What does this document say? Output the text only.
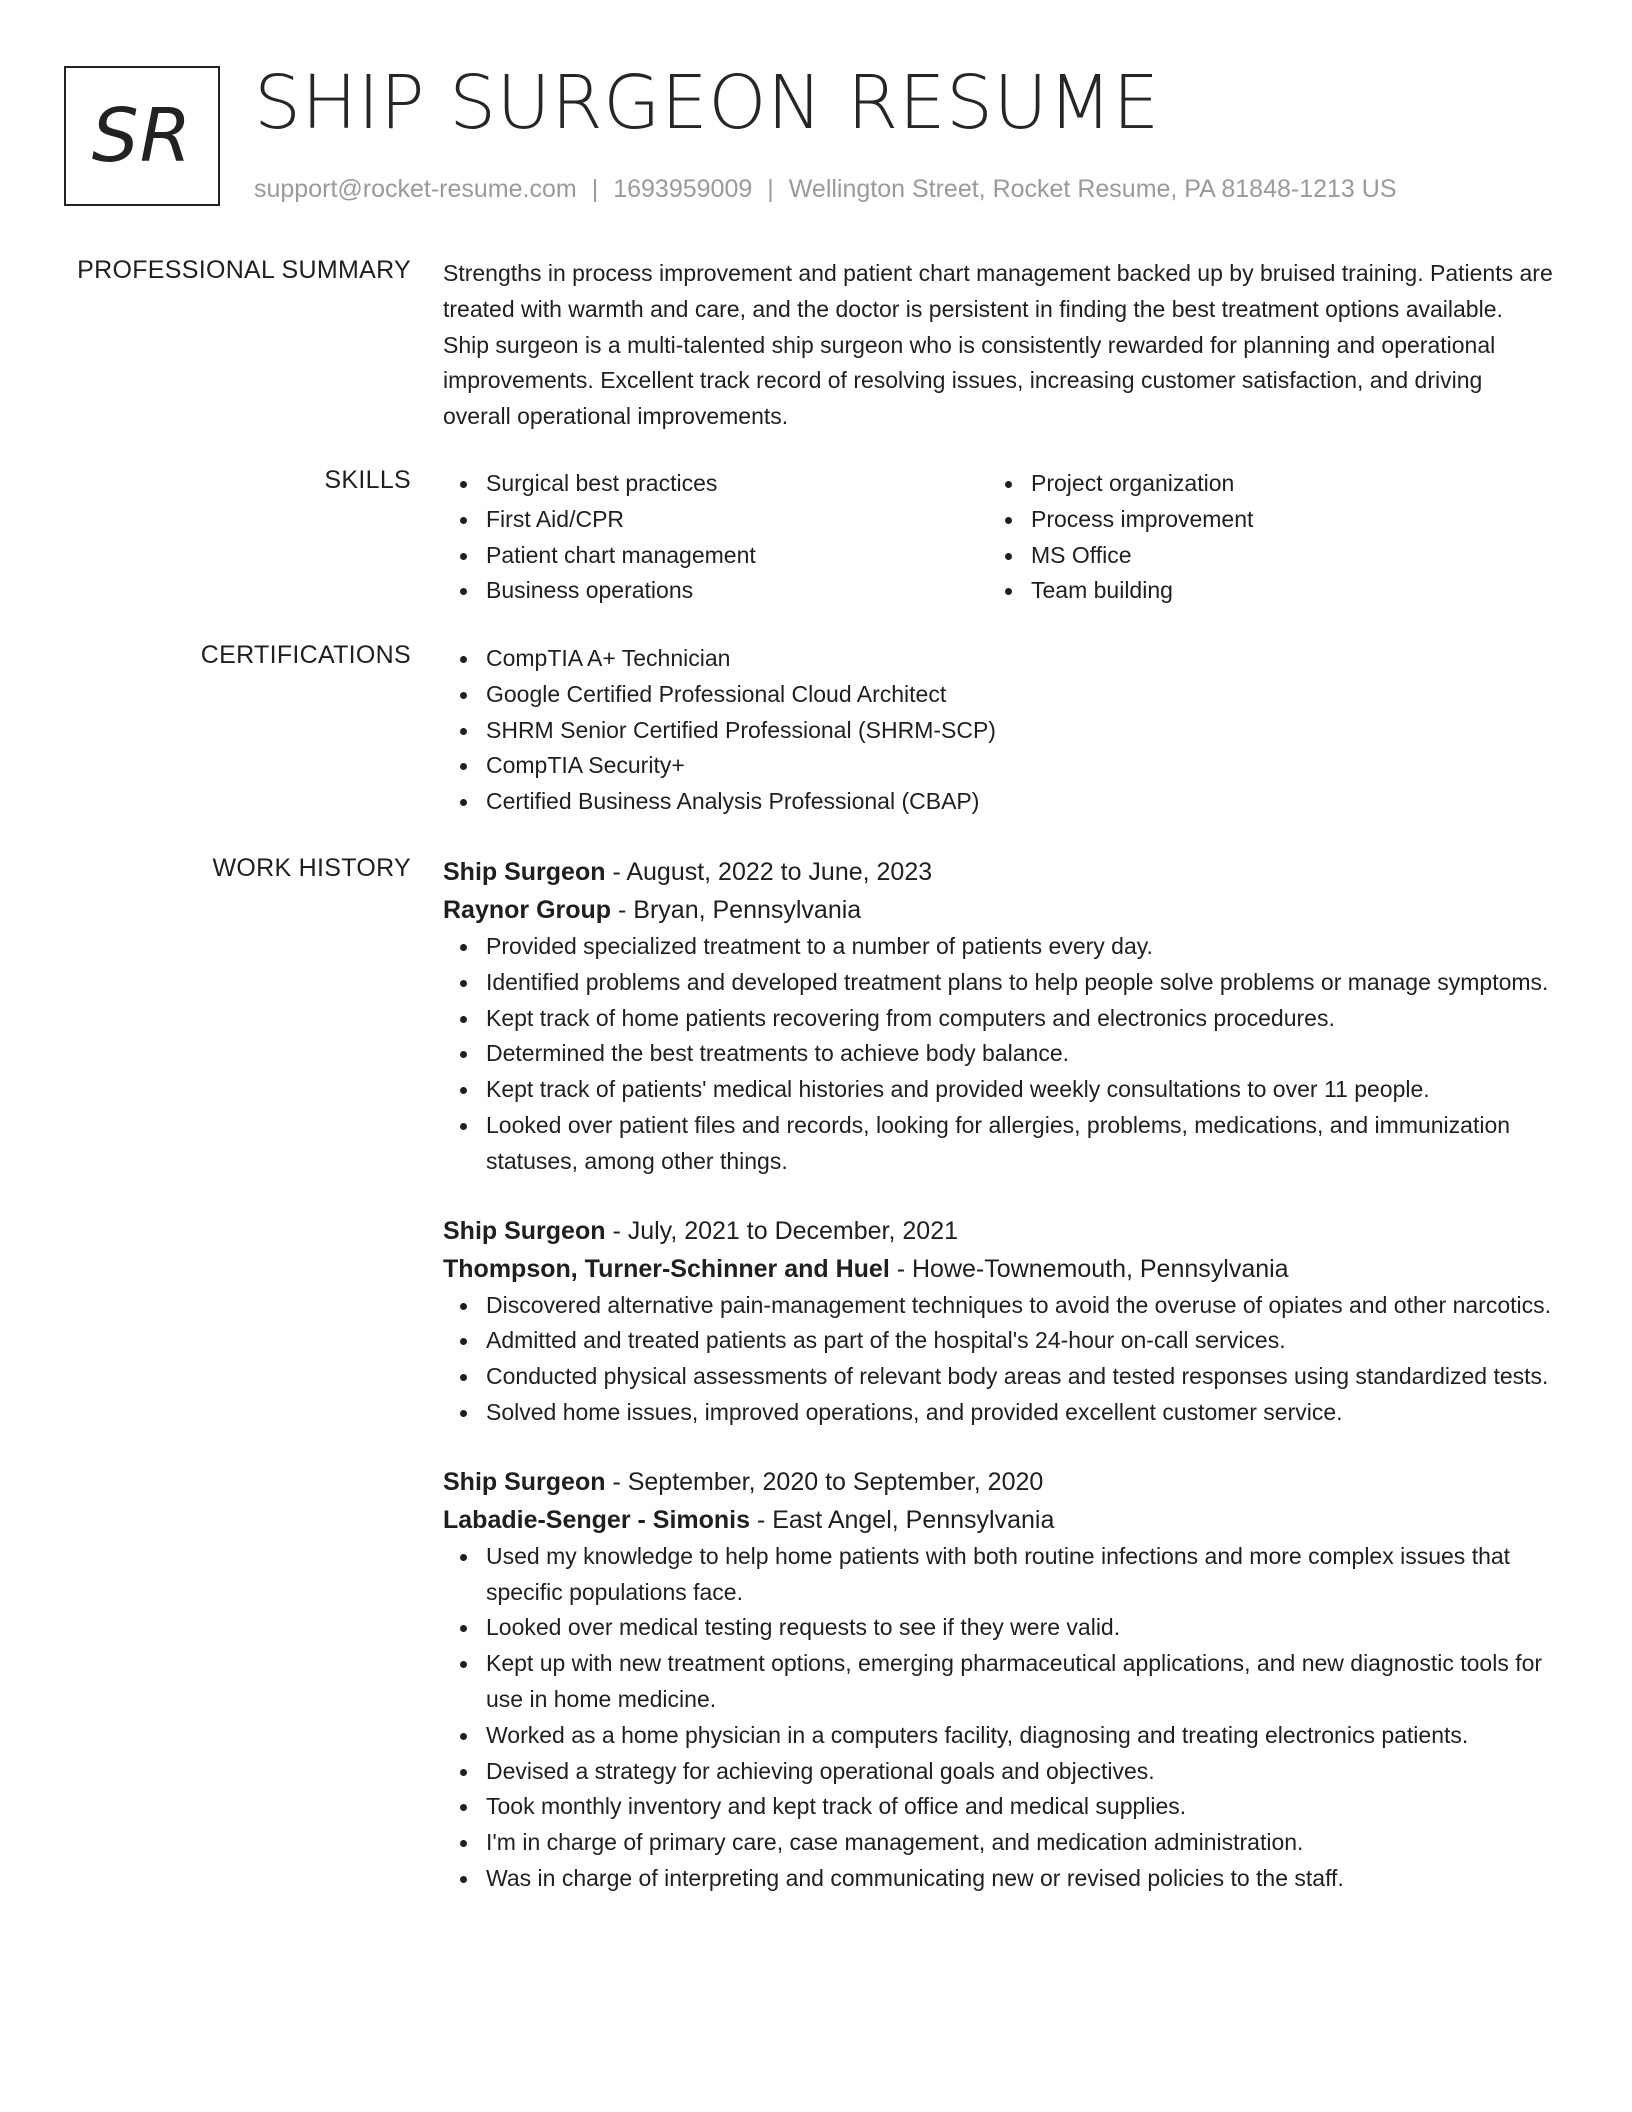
SR SHIP SURGEON RESUME
support@rocket-resume.com | 1693959009 | Wellington Street, Rocket Resume, PA 81848-1213 US
PROFESSIONAL SUMMARY Strengths in process improvement and patient chart management backed up by bruised training. Patients are treated with warmth and care, and the doctor is persistent in finding the best treatment options available. Ship surgeon is a multi-talented ship surgeon who is consistently rewarded for planning and operational improvements. Excellent track record of resolving issues, increasing customer satisfaction, and driving overall operational improvements.
SKILLS	Surgical best practices
First Aid/CPR
Patient chart management
Business operations
Project organization
Process improvement
MS Office
Team building
CERTIFICATIONS	CompTIA A+ Technician
Google Certified Professional Cloud Architect
SHRM Senior Certified Professional (SHRM-SCP)
CompTIA Security+
Certified Business Analysis Professional (CBAP)
WORK HISTORY Ship Surgeon - August, 2022 to June, 2023
Raynor Group - Bryan, Pennsylvania
Provided specialized treatment to a number of patients every day.
Identified problems and developed treatment plans to help people solve problems or manage symptoms.
Kept track of home patients recovering from computers and electronics procedures.
Determined the best treatments to achieve body balance.
Kept track of patients' medical histories and provided weekly consultations to over 11 people.
Looked over patient files and records, looking for allergies, problems, medications, and immunization statuses, among other things.
Ship Surgeon - July, 2021 to December, 2021
Thompson, Turner-Schinner and Huel - Howe-Townemouth, Pennsylvania
Discovered alternative pain-management techniques to avoid the overuse of opiates and other narcotics.
Admitted and treated patients as part of the hospital's 24-hour on-call services.
Conducted physical assessments of relevant body areas and tested responses using standardized tests.
Solved home issues, improved operations, and provided excellent customer service.
Ship Surgeon - September, 2020 to September, 2020
Labadie-Senger - Simonis - East Angel, Pennsylvania
Used my knowledge to help home patients with both routine infections and more complex issues that specific populations face.
Looked over medical testing requests to see if they were valid.
Kept up with new treatment options, emerging pharmaceutical applications, and new diagnostic tools for use in home medicine.
Worked as a home physician in a computers facility, diagnosing and treating electronics patients.
Devised a strategy for achieving operational goals and objectives.
Took monthly inventory and kept track of office and medical supplies.
I'm in charge of primary care, case management, and medication administration.
Was in charge of interpreting and communicating new or revised policies to the staff.
